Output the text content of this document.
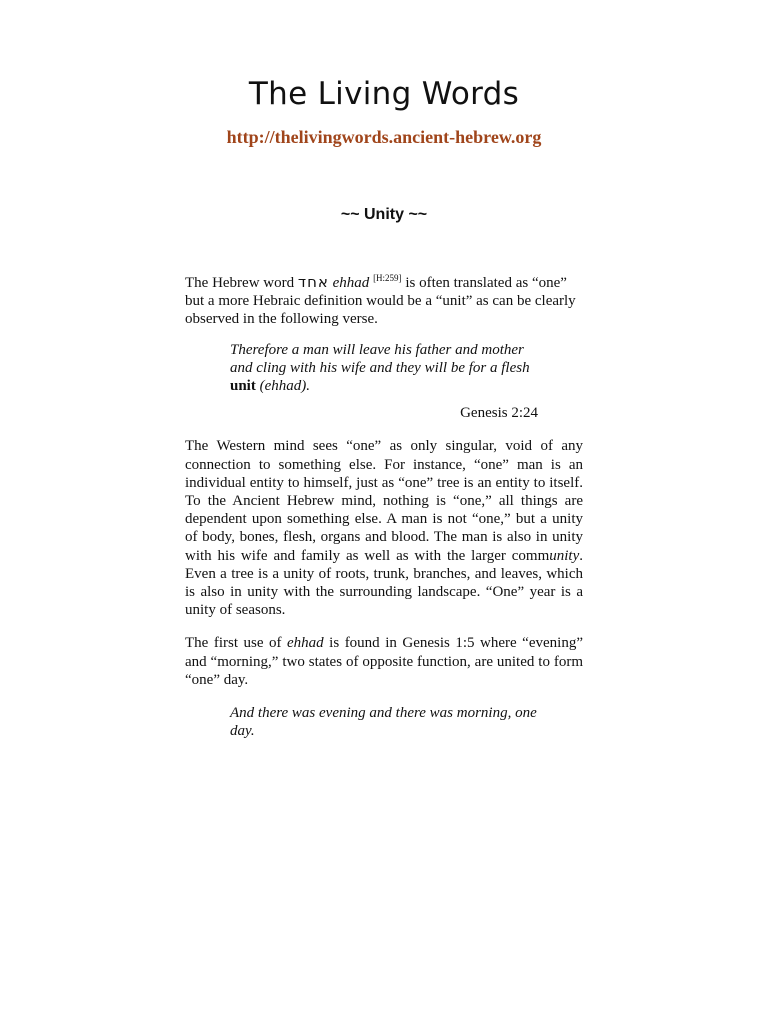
The Living Words
http://thelivingwords.ancient-hebrew.org
~~ Unity ~~

The Hebrew word אחד ehhad [H:259] is often translated as “one” but a more Hebraic definition would be a “unit” as can be clearly observed in the following verse.

Therefore a man will leave his father and mother and cling with his wife and they will be for a flesh unit (ehhad).

Genesis 2:24

The Western mind sees “one” as only singular, void of any connection to something else. For instance, “one” man is an individual entity to himself, just as “one” tree is an entity to itself. To the Ancient Hebrew mind, nothing is “one,” all things are dependent upon something else. A man is not “one,” but a unity of body, bones, flesh, organs and blood. The man is also in unity with his wife and family as well as with the larger community. Even a tree is a unity of roots, trunk, branches, and leaves, which is also in unity with the surrounding landscape. “One” year is a unity of seasons.

The first use of ehhad is found in Genesis 1:5 where “evening” and “morning,” two states of opposite function, are united to form “one” day.

And there was evening and there was morning, one day.
